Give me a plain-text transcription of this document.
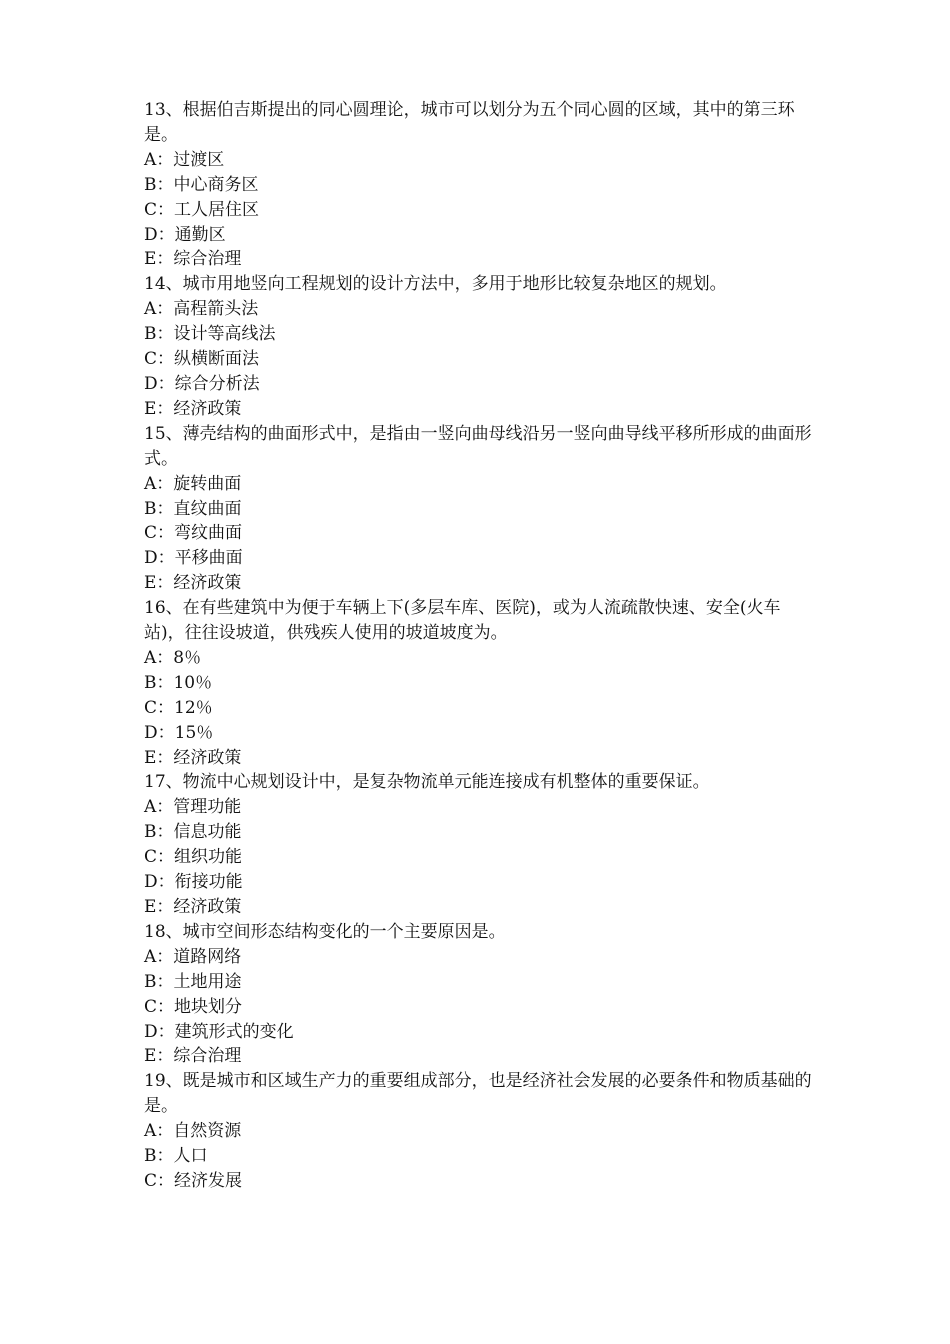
13、根据伯吉斯提出的同心圆理论，城市可以划分为五个同心圆的区域，其中的第三环是。

A：过渡区

B：中心商务区

C：工人居住区

D：通勤区

E：综合治理

14、城市用地竖向工程规划的设计方法中，多用于地形比较复杂地区的规划。

A：高程箭头法

B：设计等高线法

C：纵横断面法

D：综合分析法

E：经济政策

15、薄壳结构的曲面形式中，是指由一竖向曲母线沿另一竖向曲导线平移所形成的曲面形式。

A：旋转曲面

B：直纹曲面

C：弯纹曲面

D：平移曲面

E：经济政策

16、在有些建筑中为便于车辆上下(多层车库、医院)，或为人流疏散快速、安全(火车站)，往往设坡道，供残疾人使用的坡道坡度为。

A：8％

B：10％

C：12％

D：15％

E：经济政策

17、物流中心规划设计中，是复杂物流单元能连接成有机整体的重要保证。

A：管理功能

B：信息功能

C：组织功能

D：衔接功能

E：经济政策

18、城市空间形态结构变化的一个主要原因是。

A：道路网络

B：土地用途

C：地块划分

D：建筑形式的变化

E：综合治理

19、既是城市和区域生产力的重要组成部分，也是经济社会发展的必要条件和物质基础的是。

A：自然资源

B：人口

C：经济发展
